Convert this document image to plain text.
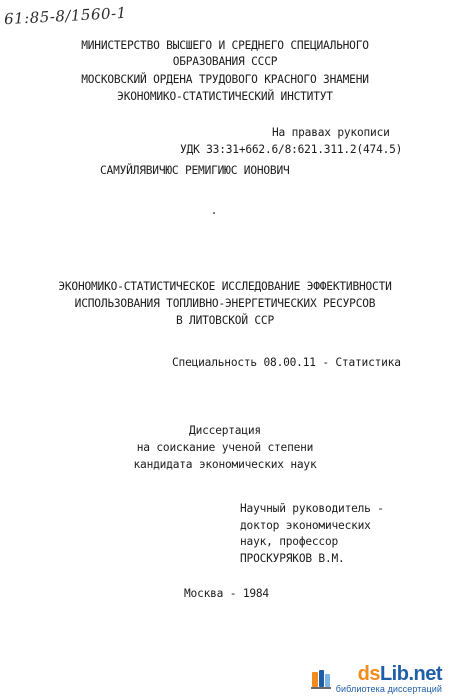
61:85-8/1560-1
МИНИСТЕРСТВО ВЫСШЕГО И СРЕДНЕГО СПЕЦИАЛЬНОГО
ОБРАЗОВАНИЯ СССР
МОСКОВСКИЙ ОРДЕНА ТРУДОВОГО КРАСНОГО ЗНАМЕНИ
ЭКОНОМИКО-СТАТИСТИЧЕСКИЙ ИНСТИТУТ
На правах рукописи
УДК 33:31+662.6/8:621.311.2(474.5)
САМУЙЛЯВИЧЮС РЕМИГИЮС ИОНОВИЧ
ЭКОНОМИКО-СТАТИСТИЧЕСКОЕ ИССЛЕДОВАНИЕ ЭФФЕКТИВНОСТИ
ИСПОЛЬЗОВАНИЯ ТОПЛИВНО-ЭНЕРГЕТИЧЕСКИХ РЕСУРСОВ
В ЛИТОВСКОЙ ССР
Специальность 08.00.11 - Статистика
Диссертация
на соискание ученой степени
кандидата экономических наук
Научный руководитель -
доктор экономических
наук, профессор
ПРОСКУРЯКОВ В.М.
Москва - 1984
dsLib.net
библиотека диссертаций
